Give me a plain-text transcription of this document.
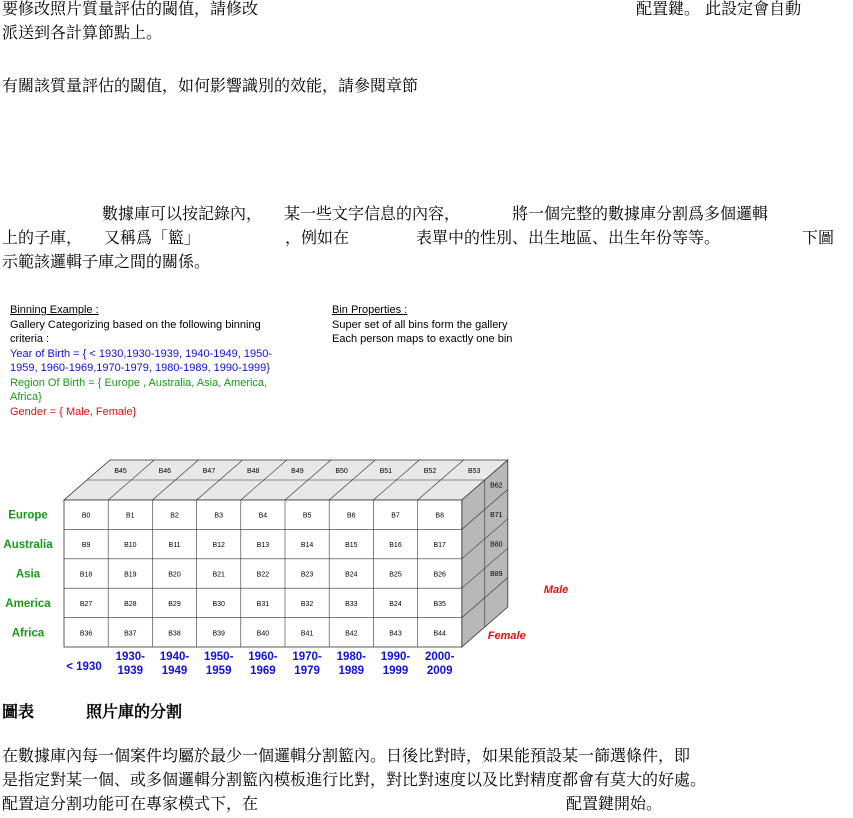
要修改照片質量評估的閾值，請修改	配置鍵。 此設定會自動
派送到各計算節點上。
有關該質量評估的閾值，如何影響識別的效能，請參閱章節
數據庫可以按記錄內， 某一些文字信息的內容，	將一個完整的數據庫分割爲多個邏輯
上的子庫， 又稱爲「籃」	，例如在	表單中的性別、出生地區、出生年份等等。	下圖
示範該邏輯子庫之間的關係。
Binning Example :
Gallery Categorizing based on the following binning
criteria :
Year of Birth = { < 1930,1930-1939, 1940-1949, 1950-
1959, 1960-1969,1970-1979, 1980-1989, 1990-1999}
Region Of Birth = { Europe , Australia, Asia, America,
Africa}
Gender = { Male, Female}
Bin Properties :
Super set of all bins form the gallery
Each person maps to exactly one bin
B45	B46	B47	B48	B49	B50	B51	B52	B53
B62
B71
B80
B89
B0	B1	B2	B3	B4	B5	B6	B7	B8
B9	B10	B11	B12	B13	B14	B15	B16	B17
B18	B19	B20	B21	B22	B23	B24	B25	B26
B27	B28	B29	B30	B31	B32	B33	B24	B35
B36	B37	B38	B39	B40	B41	B42	B43	B44
Europe
Australia
Asia
America
Africa
< 1930
1930-
1939
1940-
1949
1950-
1959
1960-
1969
1970-
1979
1980-
1989
1990-
1999
2000-
2009
Male
Female
圖表	照片庫的分割
在數據庫內每一個案件均屬於最少一個邏輯分割籃內。日後比對時，如果能預設某一篩選條件，即
是指定對某一個、或多個邏輯分割籃內模板進行比對，對比對速度以及比對精度都會有莫大的好處。
配置這分割功能可在專家模式下，在	配置鍵開始。
